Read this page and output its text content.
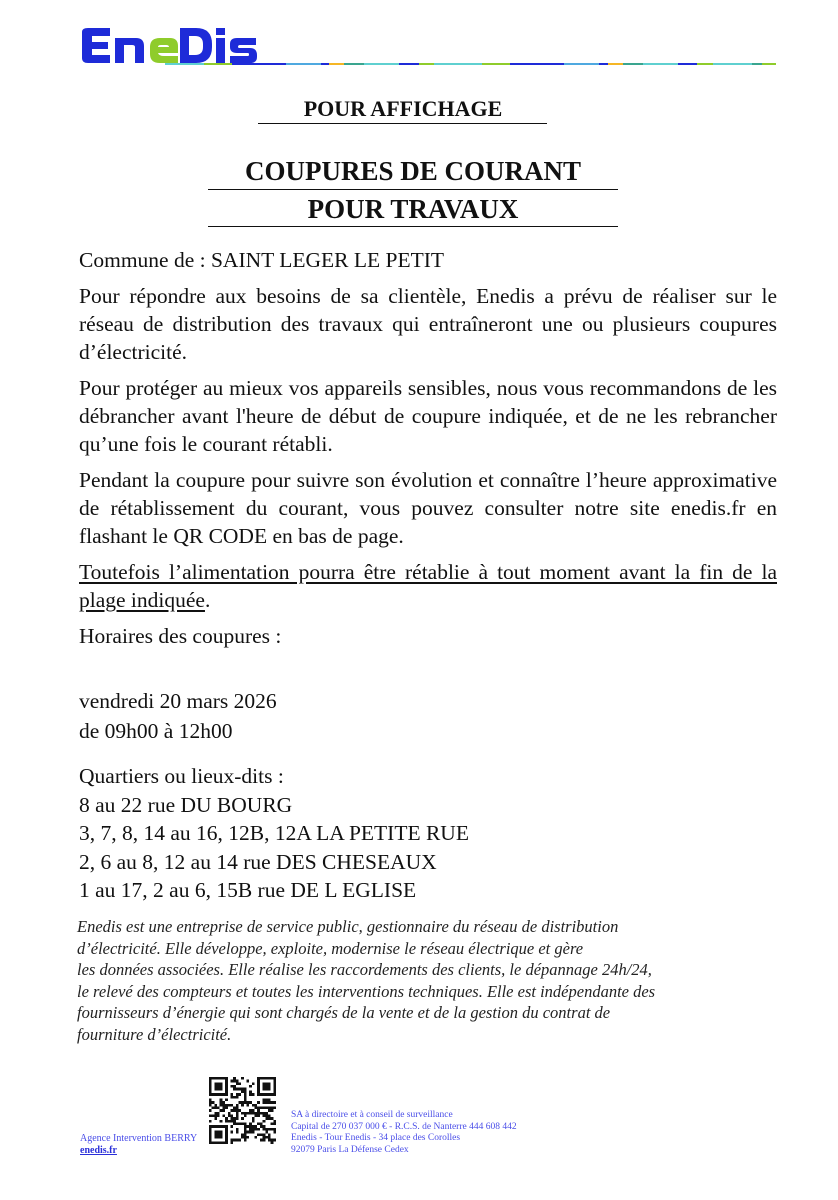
POUR AFFICHAGE
COUPURES DE COURANT
POUR TRAVAUX

Commune de : SAINT LEGER LE PETIT

Pour répondre aux besoins de sa clientèle, Enedis a prévu de réaliser sur le réseau de distribution des travaux qui entraîneront une ou plusieurs coupures d’électricité.

Pour protéger au mieux vos appareils sensibles, nous vous recommandons de les débrancher avant l'heure de début de coupure indiquée, et de ne les rebrancher qu’une fois le courant rétabli.

Pendant la coupure pour suivre son évolution et connaître l’heure approximative de rétablissement du courant, vous pouvez consulter notre site enedis.fr en flashant le QR CODE en bas de page.

Toutefois l’alimentation pourra être rétablie à tout moment avant la fin de la plage indiquée.

Horaires des coupures :

vendredi 20 mars 2026
de 09h00 à 12h00
Quartiers ou lieux-dits :
8 au 22 rue DU BOURG
3, 7, 8, 14 au 16, 12B, 12A LA PETITE RUE
2, 6 au 8, 12 au 14 rue DES CHESEAUX
1 au 17, 2 au 6, 15B rue DE L EGLISE
Enedis est une entreprise de service public, gestionnaire du réseau de distribution
d’électricité. Elle développe, exploite, modernise le réseau électrique et gère
les données associées. Elle réalise les raccordements des clients, le dépannage 24h/24,
le relevé des compteurs et toutes les interventions techniques. Elle est indépendante des
fournisseurs d’énergie qui sont chargés de la vente et de la gestion du contrat de
fourniture d’électricité.
Agence Intervention BERRY
enedis.fr
SA à directoire et à conseil de surveillance
Capital de 270 037 000 € - R.C.S. de Nanterre 444 608 442
Enedis - Tour Enedis - 34 place des Corolles
92079 Paris La Défense Cedex
